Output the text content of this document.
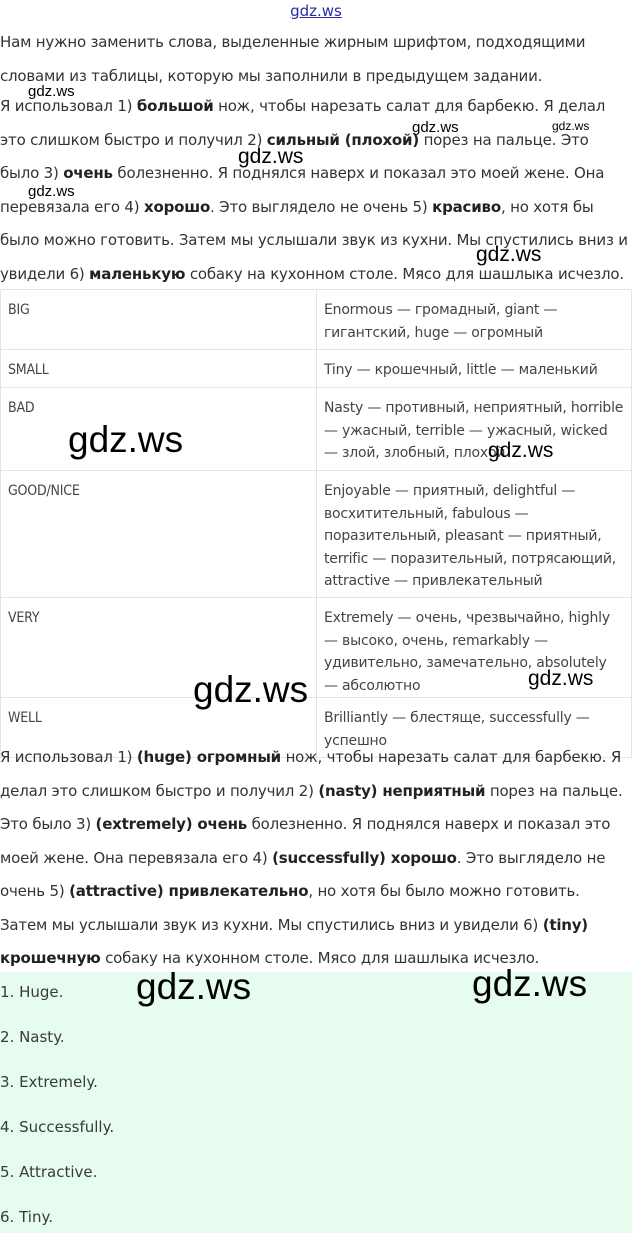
gdz.ws
Нам нужно заменить слова, выделенные жирным шрифтом, подходящими словами из таблицы, которую мы заполнили в предыдущем задании.
Я использовал 1) большой нож, чтобы нарезать салат для барбекю. Я делал это слишком быстро и получил 2) сильный (плохой) порез на пальце. Это было 3) очень болезненно. Я поднялся наверх и показал это моей жене. Она перевязала его 4) хорошо. Это выглядело не очень 5) красиво, но хотя бы было можно готовить. Затем мы услышали звук из кухни. Мы спустились вниз и увидели 6) маленькую собаку на кухонном столе. Мясо для шашлыка исчезло.
BIG	Enormous — громадный, giant — гигантский, huge — огромный
SMALL	Tiny — крошечный, little — маленький
BAD	Nasty — противный, неприятный, horrible — ужасный, terrible — ужасный, wicked — злой, злобный, плохой
GOOD/NICE	Enjoyable — приятный, delightful — восхитительный, fabulous — поразительный, pleasant — приятный, terrific — поразительный, потрясающий, attractive — привлекательный
VERY	Extremely — очень, чрезвычайно, highly — высоко, очень, remarkably — удивительно, замечательно, absolutely — абсолютно
WELL	Brilliantly — блестяще, successfully — успешно
Я использовал 1) (huge) огромный нож, чтобы нарезать салат для барбекю. Я делал это слишком быстро и получил 2) (nasty) неприятный порез на пальце. Это было 3) (extremely) очень болезненно. Я поднялся наверх и показал это моей жене. Она перевязала его 4) (successfully) хорошо. Это выглядело не очень 5) (attractive) привлекательно, но хотя бы было можно готовить. Затем мы услышали звук из кухни. Мы спустились вниз и увидели 6) (tiny) крошечную собаку на кухонном столе. Мясо для шашлыка исчезло.
1. Huge.
2. Nasty.
3. Extremely.
4. Successfully.
5. Attractive.
6. Tiny.
gdz.ws
gdz.ws	gdz.ws
gdz.ws
gdz.ws
gdz.ws
gdz.ws	gdz.ws
gdz.ws
gdz.ws
gdz.ws	gdz.ws
